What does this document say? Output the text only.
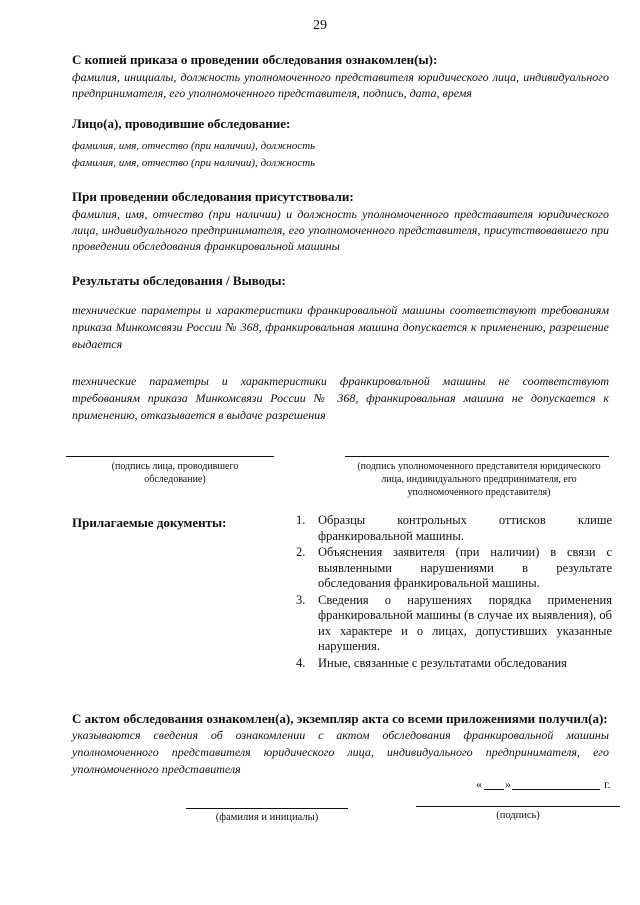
29
С копией приказа о проведении обследования ознакомлен(ы):
фамилия, инициалы, должность уполномоченного представителя юридического лица, индивидуального предпринимателя, его уполномоченного представителя, подпись, дата, время
Лицо(а), проводившие обследование:
фамилия, имя, отчество (при наличии), должность
фамилия, имя, отчество (при наличии), должность
При проведении обследования присутствовали:
фамилия, имя, отчество (при наличии) и должность уполномоченного представителя юридического лица, индивидуального предпринимателя, его уполномоченного представителя, присутствовавшего при проведении обследования франкировальной машины
Результаты обследования / Выводы:
технические параметры и характеристики франкировальной машины соответствуют требованиям приказа Минкомсвязи России № 368, франкировальная машина допускается к применению, разрешение выдается
технические параметры и характеристики франкировальной машины не соответствуют требованиям приказа Минкомсвязи России № 368, франкировальная машина не допускается к применению, отказывается в выдаче разрешения
(подпись лица, проводившего обследование)
(подпись уполномоченного представителя юридического лица, индивидуального предпринимателя, его уполномоченного представителя)
Прилагаемые документы:	1. Образцы контрольных оттисков клише франкировальной машины.
2. Объяснения заявителя (при наличии) в связи с выявленными нарушениями в результате обследования франкировальной машины.
3. Сведения о нарушениях порядка применения франкировальной машины (в случае их выявления), об их характере и о лицах, допустивших указанные нарушения.
4. Иные, связанные с результатами обследования
С актом обследования ознакомлен(а), экземпляр акта со всеми приложениями получил(а):
указываются сведения об ознакомлении с актом обследования франкировальной машины уполномоченного представителя юридического лица, индивидуального предпринимателя, его уполномоченного представителя
« »	г.
(фамилия и инициалы)	(подпись)
